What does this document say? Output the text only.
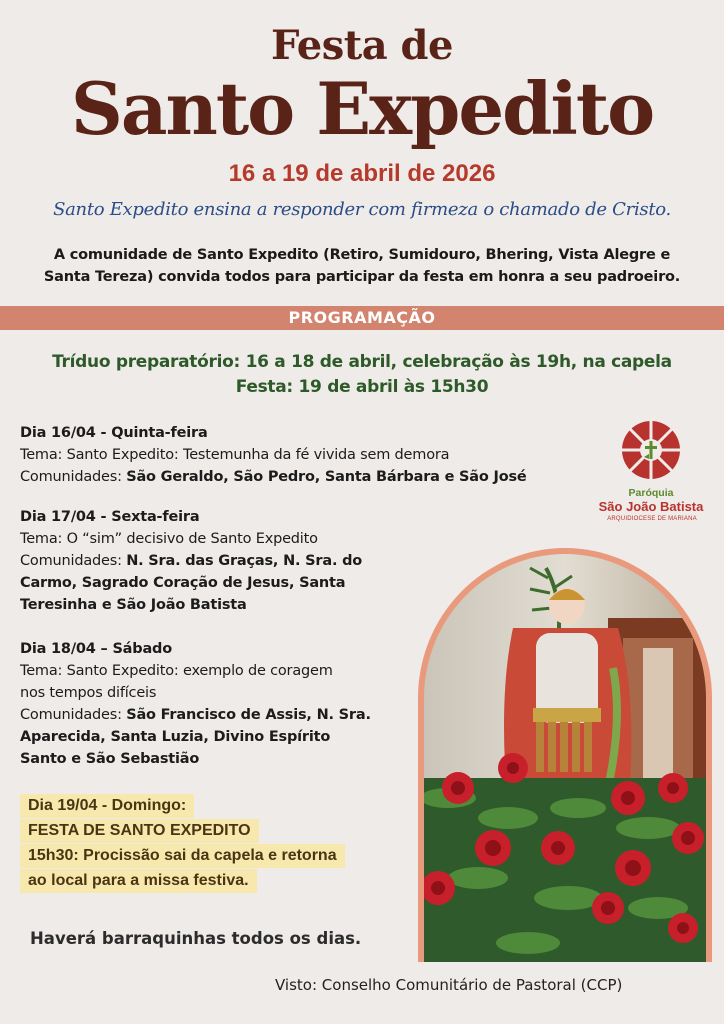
Festa de
Santo Expedito
16 a 19 de abril de 2026
Santo Expedito ensina a responder com firmeza o chamado de Cristo.
A comunidade de Santo Expedito (Retiro, Sumidouro, Bhering, Vista Alegre e
Santa Tereza) convida todos para participar da festa em honra a seu padroeiro.
PROGRAMAÇÃO
Tríduo preparatório: 16 a 18 de abril, celebração às 19h, na capela
Festa: 19 de abril às 15h30
Dia 16/04 - Quinta-feira
Tema: Santo Expedito: Testemunha da fé vivida sem demora
Comunidades: São Geraldo, São Pedro, Santa Bárbara e São José
Dia 17/04 - Sexta-feira
Tema: O “sim” decisivo de Santo Expedito
Comunidades: N. Sra. das Graças, N. Sra. do
Carmo, Sagrado Coração de Jesus, Santa
Teresinha e São João Batista
Dia 18/04 – Sábado
Tema: Santo Expedito: exemplo de coragem
nos tempos difíceis
Comunidades: São Francisco de Assis, N. Sra.
Aparecida, Santa Luzia, Divino Espírito
Santo e São Sebastião
Dia 19/04 - Domingo:
FESTA DE SANTO EXPEDITO
15h30: Procissão sai da capela e retorna
ao local para a missa festiva.
Haverá barraquinhas todos os dias.
Visto: Conselho Comunitário de Pastoral (CCP)
Paróquia
São João Batista
ARQUIDIOCESE DE MARIANA
